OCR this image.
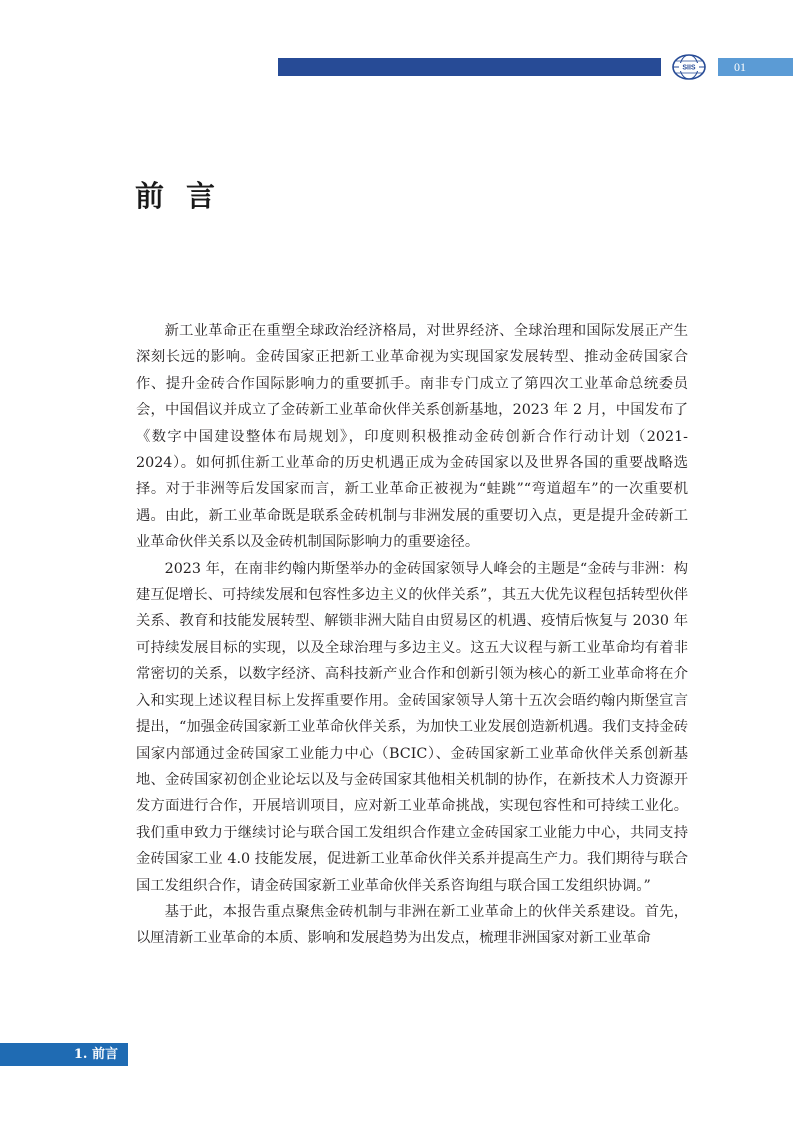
SIIS	01
前言

新工业革命正在重塑全球政治经济格局，对世界经济、全球治理和国际发展正产生深刻长远的影响。金砖国家正把新工业革命视为实现国家发展转型、推动金砖国家合作、提升金砖合作国际影响力的重要抓手。南非专门成立了第四次工业革命总统委员会，中国倡议并成立了金砖新工业革命伙伴关系创新基地，2023 年 2 月，中国发布了《数字中国建设整体布局规划》，印度则积极推动金砖创新合作行动计划（2021-2024）。如何抓住新工业革命的历史机遇正成为金砖国家以及世界各国的重要战略选择。对于非洲等后发国家而言，新工业革命正被视为“蛙跳”“弯道超车”的一次重要机遇。由此，新工业革命既是联系金砖机制与非洲发展的重要切入点，更是提升金砖新工业革命伙伴关系以及金砖机制国际影响力的重要途径。

2023 年，在南非约翰内斯堡举办的金砖国家领导人峰会的主题是“金砖与非洲：构建互促增长、可持续发展和包容性多边主义的伙伴关系”，其五大优先议程包括转型伙伴关系、教育和技能发展转型、解锁非洲大陆自由贸易区的机遇、疫情后恢复与 2030 年可持续发展目标的实现，以及全球治理与多边主义。这五大议程与新工业革命均有着非常密切的关系，以数字经济、高科技新产业合作和创新引领为核心的新工业革命将在介入和实现上述议程目标上发挥重要作用。金砖国家领导人第十五次会晤约翰内斯堡宣言提出，“加强金砖国家新工业革命伙伴关系，为加快工业发展创造新机遇。我们支持金砖国家内部通过金砖国家工业能力中心（BCIC）、金砖国家新工业革命伙伴关系创新基地、金砖国家初创企业论坛以及与金砖国家其他相关机制的协作，在新技术人力资源开发方面进行合作，开展培训项目，应对新工业革命挑战，实现包容性和可持续工业化。我们重申致力于继续讨论与联合国工发组织合作建立金砖国家工业能力中心，共同支持金砖国家工业 4.0 技能发展，促进新工业革命伙伴关系并提高生产力。我们期待与联合国工发组织合作，请金砖国家新工业革命伙伴关系咨询组与联合国工发组织协调。”

基于此，本报告重点聚焦金砖机制与非洲在新工业革命上的伙伴关系建设。首先，以厘清新工业革命的本质、影响和发展趋势为出发点，梳理非洲国家对新工业革命

1. 前言
